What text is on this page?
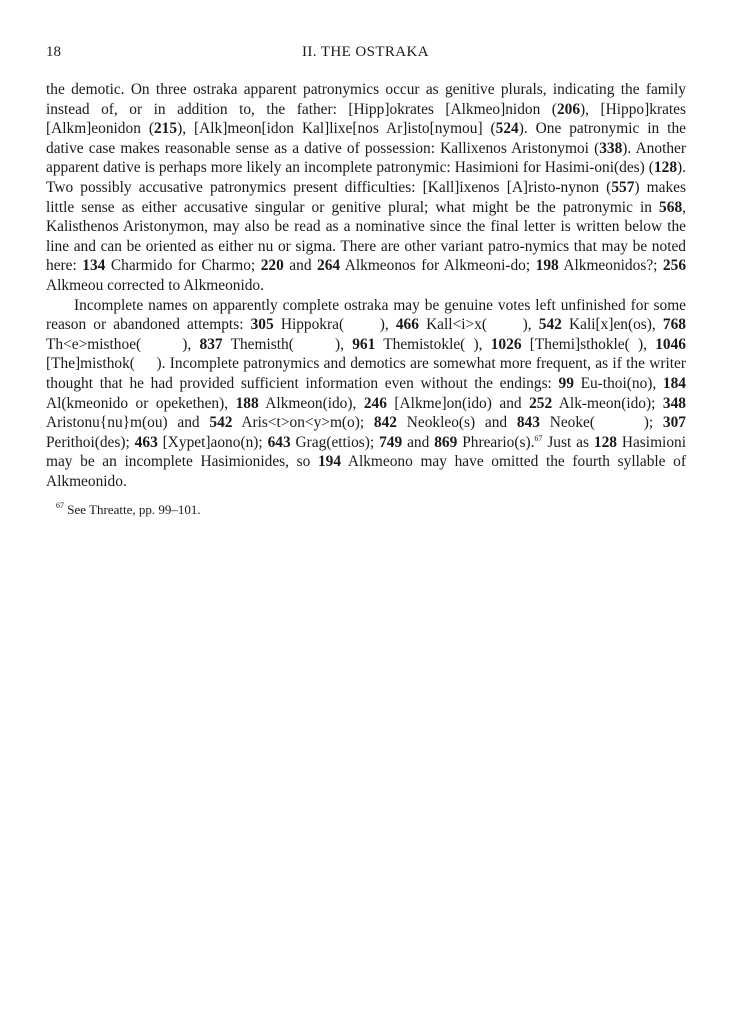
18	II. THE OSTRAKA

the demotic. On three ostraka apparent patronymics occur as genitive plurals, indicating the family instead of, or in addition to, the father: [Hipp]okrates [Alkmeo]nidon (206), [Hippo]krates [Alkm]eonidon (215), [Alk]meon[idon Kal]lixe[nos Ar]isto[nymou] (524). One patronymic in the dative case makes reasonable sense as a dative of possession: Kallixenos Aristonymoi (338). Another apparent dative is perhaps more likely an incomplete patronymic: Hasimioni for Hasimi-oni(des) (128). Two possibly accusative patronymics present difficulties: [Kall]ixenos [A]risto-nynon (557) makes little sense as either accusative singular or genitive plural; what might be the patronymic in 568, Kalisthenos Aristonymon, may also be read as a nominative since the final letter is written below the line and can be oriented as either nu or sigma. There are other variant patro-nymics that may be noted here: 134 Charmido for Charmo; 220 and 264 Alkmeonos for Alkmeoni-do; 198 Alkmeonidos?; 256 Alkmeou corrected to Alkmeonido.

Incomplete names on apparently complete ostraka may be genuine votes left unfinished for some reason or abandoned attempts: 305 Hippokra(     ), 466 Kall<i>x(     ), 542 Kali[x]en(os), 768 Th<e>misthoe(     ), 837 Themisth(     ), 961 Themistokle( ), 1026 [Themi]sthokle( ), 1046 [The]misthok(     ). Incomplete patronymics and demotics are somewhat more frequent, as if the writer thought that he had provided sufficient information even without the endings: 99 Eu-thoi(no), 184 Al(kmeonido or opekethen), 188 Alkmeon(ido), 246 [Alkme]on(ido) and 252 Alk-meon(ido); 348 Aristonu{nu}m(ou) and 542 Aris<t>on<y>m(o); 842 Neokleo(s) and 843 Neoke(     ); 307 Perithoi(des); 463 [Xypet]aono(n); 643 Grag(ettios); 749 and 869 Phreario(s).$^{67}$ Just as 128 Hasimioni may be an incomplete Hasimionides, so 194 Alkmeono may have omitted the fourth syllable of Alkmeonido.

$^{67}$ See Threatte, pp. 99–101.
